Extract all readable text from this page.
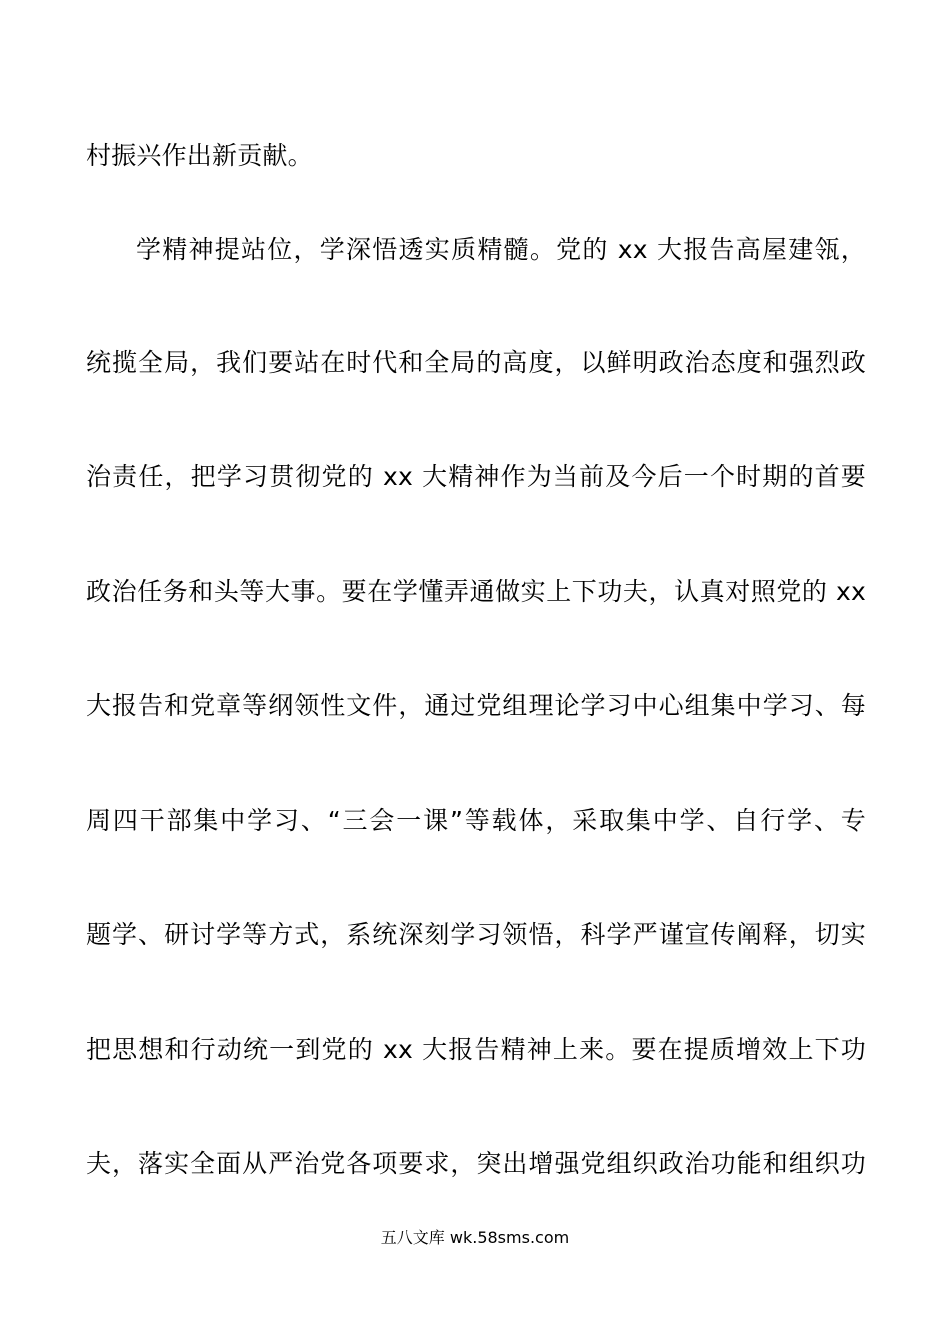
村振兴作出新贡献。
学精神提站位，学深悟透实质精髓。党的 xx 大报告高屋建瓴，
统揽全局，我们要站在时代和全局的高度，以鲜明政治态度和强烈政
治责任，把学习贯彻党的 xx 大精神作为当前及今后一个时期的首要
政治任务和头等大事。要在学懂弄通做实上下功夫，认真对照党的 xx
大报告和党章等纲领性文件，通过党组理论学习中心组集中学习、每
周四干部集中学习、“三会一课”等载体，采取集中学、自行学、专
题学、研讨学等方式，系统深刻学习领悟，科学严谨宣传阐释，切实
把思想和行动统一到党的 xx 大报告精神上来。要在提质增效上下功
夫，落实全面从严治党各项要求，突出增强党组织政治功能和组织功
五八文库 wk.58sms.com
